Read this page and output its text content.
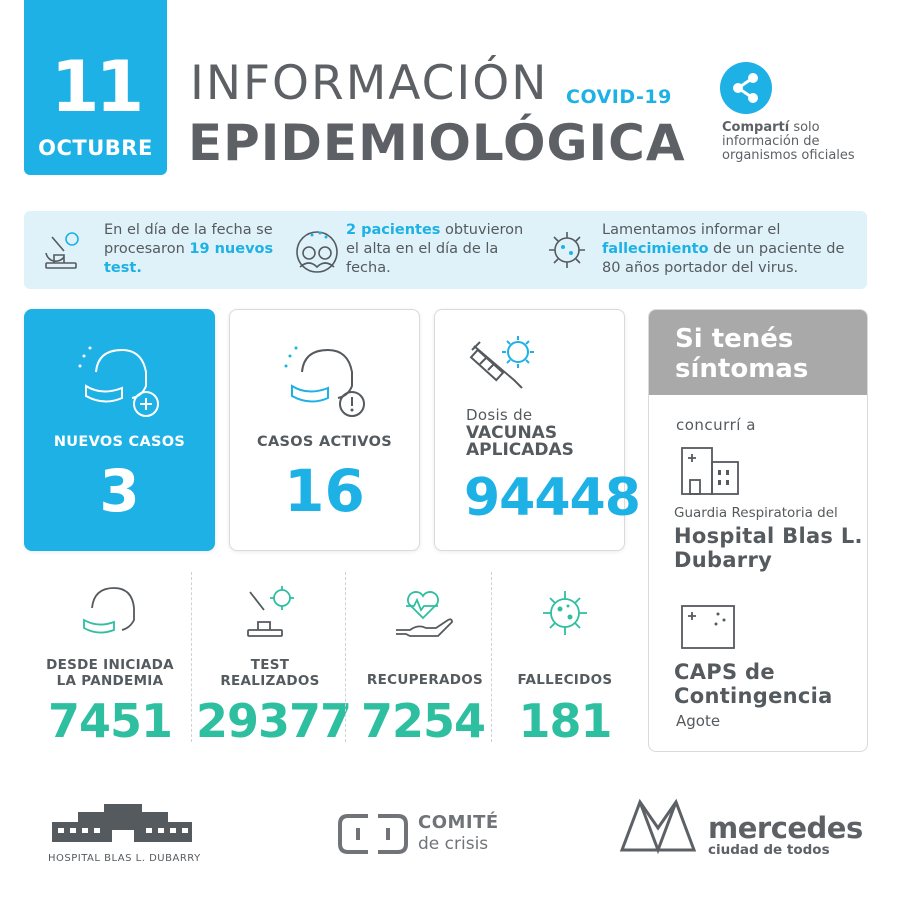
11
OCTUBRE
INFORMACIÓN COVID-19
EPIDEMIOLÓGICA	Compartí solo información de organismos oficiales
En el día de la fecha se procesaron 19 nuevos test.
2 pacientes obtuvieron el alta en el día de la fecha.
Lamentamos informar el fallecimiento de un paciente de 80 años portador del virus.
NUEVOS CASOS
3
CASOS ACTIVOS
16
Dosis de
VACUNAS APLICADAS
94448
DESDE INICIADA LA PANDEMIA
7451
TEST REALIZADOS
29377
RECUPERADOS
7254
FALLECIDOS
181
Si tenés síntomas
concurrí a
Guardia Respiratoria del
Hospital Blas L. Dubarry
CAPS de Contingencia
Agote
HOSPITAL BLAS L. DUBARRY
COMITÉ
de crisis	mercedes
ciudad de todos
